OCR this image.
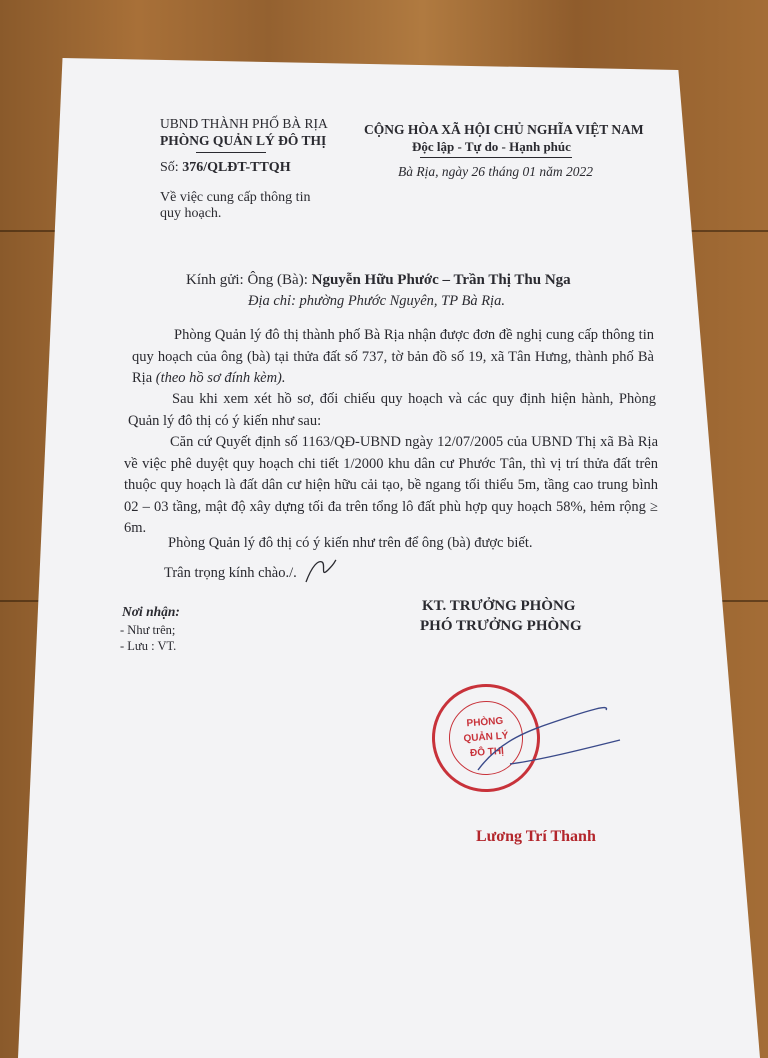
UBND THÀNH PHỐ BÀ RỊA
PHÒNG QUẢN LÝ ĐÔ THỊ
Số: 376/QLĐT-TTQH
Về việc cung cấp thông tin
quy hoạch.
CỘNG HÒA XÃ HỘI CHỦ NGHĨA VIỆT NAM
Độc lập - Tự do - Hạnh phúc
Bà Rịa, ngày 26 tháng 01 năm 2022
Kính gửi: Ông (Bà): Nguyễn Hữu Phước – Trần Thị Thu Nga
Địa chỉ: phường Phước Nguyên, TP Bà Rịa.
Phòng Quản lý đô thị thành phố Bà Rịa nhận được đơn đề nghị cung cấp thông tin quy hoạch của ông (bà) tại thửa đất số 737, tờ bản đồ số 19, xã Tân Hưng, thành phố Bà Rịa (theo hồ sơ đính kèm).
Sau khi xem xét hồ sơ, đối chiếu quy hoạch và các quy định hiện hành, Phòng Quản lý đô thị có ý kiến như sau:
Căn cứ Quyết định số 1163/QĐ-UBND ngày 12/07/2005 của UBND Thị xã Bà Rịa về việc phê duyệt quy hoạch chi tiết 1/2000 khu dân cư Phước Tân, thì vị trí thửa đất trên thuộc quy hoạch là đất dân cư hiện hữu cải tạo, bề ngang tối thiểu 5m, tầng cao trung bình 02 – 03 tầng, mật độ xây dựng tối đa trên tổng lô đất phù hợp quy hoạch 58%, hẻm rộng ≥ 6m.
Phòng Quản lý đô thị có ý kiến như trên để ông (bà) được biết.
Trân trọng kính chào./.
Nơi nhận:
- Như trên;
- Lưu : VT.
KT. TRƯỞNG PHÒNG
PHÓ TRƯỞNG PHÒNG
PHÒNG
QUẢN LÝ
ĐÔ THỊ
Lương Trí Thanh
